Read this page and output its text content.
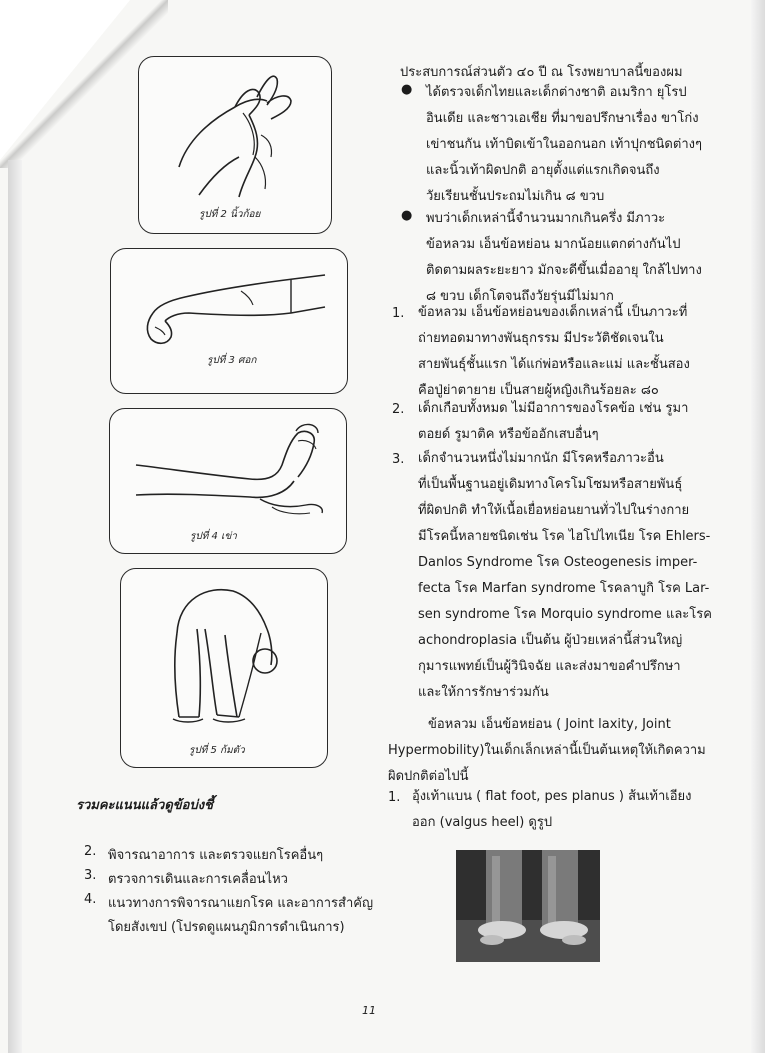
รูปที่ 2 นิ้วก้อย
รูปที่ 3 ศอก
รูปที่ 4 เข่า
รูปที่ 5 ก้มตัว
ประสบการณ์ส่วนตัว ๔๐ ปี ณ โรงพยาบาลนี้ของผม
● ได้ตรวจเด็กไทยและเด็กต่างชาติ อเมริกา ยุโรป
อินเดีย และชาวเอเชีย ที่มาขอปรึกษาเรื่อง ขาโก่ง
เข่าชนกัน เท้าบิดเข้าในออกนอก เท้าปุกชนิดต่างๆ
และนิ้วเท้าผิดปกติ อายุตั้งแต่แรกเกิดจนถึง
วัยเรียนชั้นประถมไม่เกิน ๘ ขวบ
● พบว่าเด็กเหล่านี้จำนวนมากเกินครึ่ง มีภาวะ
ข้อหลวม เอ็นข้อหย่อน มากน้อยแตกต่างกันไป
ติดตามผลระยะยาว มักจะดีขึ้นเมื่ออายุ ใกล้ไปทาง
๘ ขวบ เด็กโตจนถึงวัยรุ่นมีไม่มาก
1. ข้อหลวม เอ็นข้อหย่อนของเด็กเหล่านี้ เป็นภาวะที่
ถ่ายทอดมาทางพันธุกรรม มีประวัติชัดเจนใน
สายพันธุ์ชั้นแรก ได้แก่พ่อหรือและแม่ และชั้นสอง
คือปู่ย่าตายาย เป็นสายผู้หญิงเกินร้อยละ ๘๐
2. เด็กเกือบทั้งหมด ไม่มีอาการของโรคข้อ เช่น รูมา
ตอยด์ รูมาติค หรือข้ออักเสบอื่นๆ
3. เด็กจำนวนหนึ่งไม่มากนัก มีโรคหรือภาวะอื่น
ที่เป็นพื้นฐานอยู่เดิมทางโครโมโซมหรือสายพันธุ์
ที่ผิดปกติ ทำให้เนื้อเยื่อหย่อนยานทั่วไปในร่างกาย
มีโรคนี้หลายชนิดเช่น โรค ไฮโปไทเนีย โรค Ehlers-
Danlos Syndrome โรค Osteogenesis imper-
fecta โรค Marfan syndrome โรคลาบูกิ โรค Lar-
sen syndrome โรค Morquio syndrome และโรค
achondroplasia เป็นต้น ผู้ป่วยเหล่านี้ส่วนใหญ่
กุมารแพทย์เป็นผู้วินิจฉัย และส่งมาขอคำปรึกษา
และให้การรักษาร่วมกัน
ข้อหลวม เอ็นข้อหย่อน ( Joint laxity, Joint
Hypermobility)ในเด็กเล็กเหล่านี้เป็นต้นเหตุให้เกิดความ
ผิดปกติต่อไปนี้
1. อุ้งเท้าแบน ( flat foot, pes planus ) ส้นเท้าเอียง
ออก (valgus heel) ดูรูป
รวมคะแนนแล้วดูข้อบ่งชี้
2. พิจารณาอาการ และตรวจแยกโรคอื่นๆ
3. ตรวจการเดินและการเคลื่อนไหว
4. แนวทางการพิจารณาแยกโรค และอาการสำคัญ
โดยสังเขป (โปรดดูแผนภูมิการดำเนินการ)
11
